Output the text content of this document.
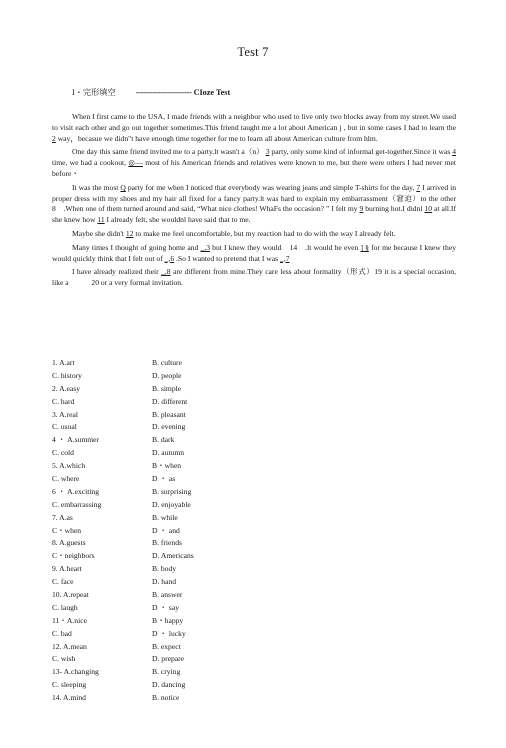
Test 7
I・完形填空 ----------------------- CIoze Test

When I first came to the USA, I made friends with a neighbor who used to live only two blocks away from my street.We used to visit each other and go out together sometimes.This friend taught me a lot about American j , but in some cases I had to learn the 2 way，becasue we didn"t have enough time together for me to learn all about American culture from hlm.

One day this same friend invited me to a party.lt wasn't a（n） 3 party, only some kind of informal get-together.Since it was 4 time, we had a cookout, ◎— most of his American friends and relatives were known to me, but there were others I had never met before・

It was the most Q party for me when I noticed that everybody was wearing jeans and simple T-shirts for the day, 7 I arrived in proper dress with my shoes and my hair all fixed for a fancy party.lt was hard to explain my embarrassment（窘迫）to the other　8　.When one of them turned around and said, “What nice clothes! WhaFs the occasion? ” I felt my 9 burning hot.I didnl 10 at all.If she knew how 11 I already felt, she wouldnl have said that to me.

Maybe she didn't 12 to make me feel uncomfortable, but my reaction had to do with the way I already felt.

Many times I thought of going home and _,3 but I knew they would　14　.lt would be even ] § for me because I knew they would quickly think that I felt out of _,6 .So I wanted to pretend that I was _,7

I have already realized their _,8 are different from mine.They care less about formality（形式）19 it is a special occasion, like a　　　20 or a very formal invitation.

1. A.art	B. culture
C. history	D. people
2. A.easy	B. simple
C. hard	D. different
3. A.real	B. pleasant
C. usual	D. evening
4 ・ A.summer	B. dark
C. cold	D. autumn
5. A.which	B・when
C. where	D ・ as
6 ・ A.exciting	B. surprising
C. embarrassing	D. enjoyable
7. A.as	B. while
C・when	D ・ and
8. A.guests	B. friends
C・neighbors	D. Americans
9. A.heart	B. body
C. face	D. hand
10. A.repeat	B. answer
C. laugh	D ・ say
11・A.nice	B・happy
C. bad	D ・ lucky
12. A.mean	B. expect
C. wish	D. prepare
13- A.changing	B. crying
C. sleeping	D. dancing
14. A.mind	B. notice
